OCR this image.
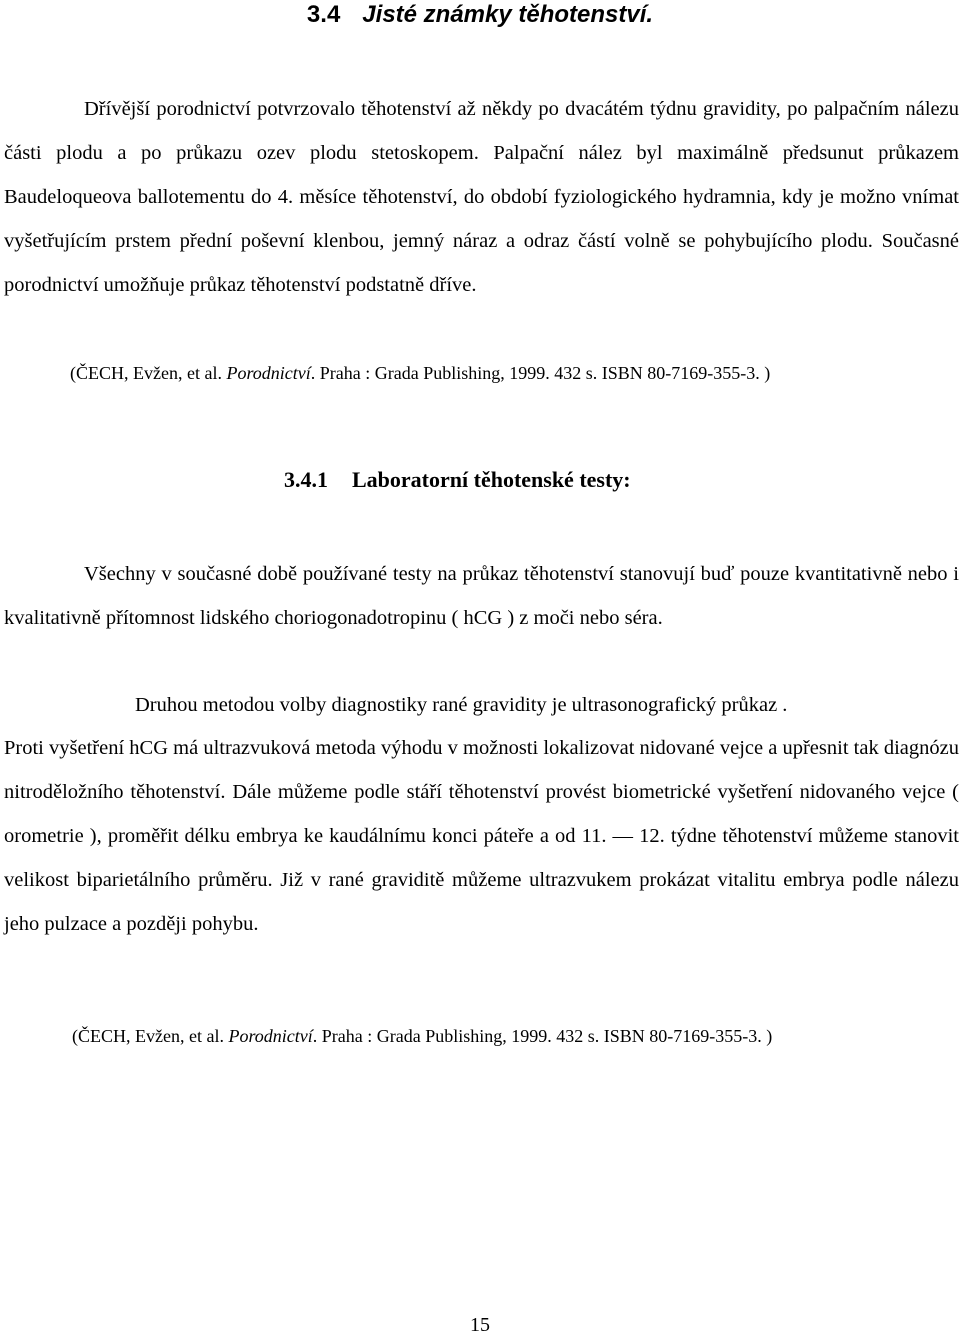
3.4 Jisté známky těhotenství.

Dřívější porodnictví potvrzovalo těhotenství až někdy po dvacátém týdnu gravidity, po palpačním nálezu části plodu a po průkazu ozev plodu stetoskopem. Palpační nález byl maximálně předsunut průkazem Baudeloqueova ballotementu do 4. měsíce těhotenství, do období fyziologického hydramnia, kdy je možno vnímat vyšetřujícím prstem přední poševní klenbou, jemný náraz a odraz částí volně se pohybujícího plodu. Současné porodnictví umožňuje průkaz těhotenství podstatně dříve.

(ČECH, Evžen, et al. Porodnictví. Praha : Grada Publishing, 1999. 432 s. ISBN 80-7169-355-3. )
3.4.1 Laboratorní těhotenské testy:

Všechny v současné době používané testy na průkaz těhotenství stanovují buď pouze kvantitativně nebo i kvalitativně přítomnost lidského choriogonadotropinu ( hCG ) z moči nebo séra.

Druhou metodou volby diagnostiky rané gravidity je ultrasonografický průkaz .

Proti vyšetření hCG má ultrazvuková metoda výhodu v možnosti lokalizovat nidované vejce a upřesnit tak diagnózu nitroděložního těhotenství. Dále můžeme podle stáří těhotenství provést biometrické vyšetření nidovaného vejce ( orometrie ), proměřit délku embrya ke kaudálnímu konci páteře a od 11. — 12. týdne těhotenství můžeme stanovit velikost biparietálního průměru. Již v rané graviditě můžeme ultrazvukem prokázat vitalitu embrya podle nálezu jeho pulzace a později pohybu.

(ČECH, Evžen, et al. Porodnictví. Praha : Grada Publishing, 1999. 432 s. ISBN 80-7169-355-3. )
15
